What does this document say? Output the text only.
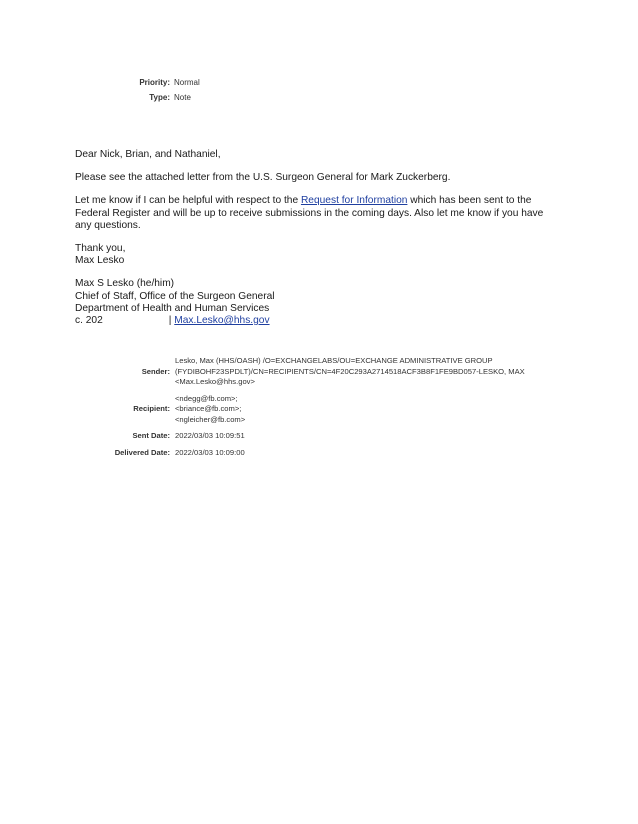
Priority: Normal
Type: Note

Dear Nick, Brian, and Nathaniel,

Please see the attached letter from the U.S. Surgeon General for Mark Zuckerberg.

Let me know if I can be helpful with respect to the Request for Information which has been sent to the
Federal Register and will be up to receive submissions in the coming days. Also let me know if you have
any questions.

Thank you,
Max Lesko

Max S Lesko (he/him)
Chief of Staff, Office of the Surgeon General
Department of Health and Human Services
c. 202	| Max.Lesko@hhs.gov

Sender:
Lesko, Max (HHS/OASH) /O=EXCHANGELABS/OU=EXCHANGE ADMINISTRATIVE GROUP
(FYDIBOHF23SPDLT)/CN=RECIPIENTS/CN=4F20C293A2714518ACF3B8F1FE9BD057-LESKO, MAX
<Max.Lesko@hhs.gov>
Recipient:
<ndegg@fb.com>;
<briance@fb.com>;
<ngleicher@fb.com>
Sent Date: 2022/03/03 10:09:51
Delivered Date: 2022/03/03 10:09:00
